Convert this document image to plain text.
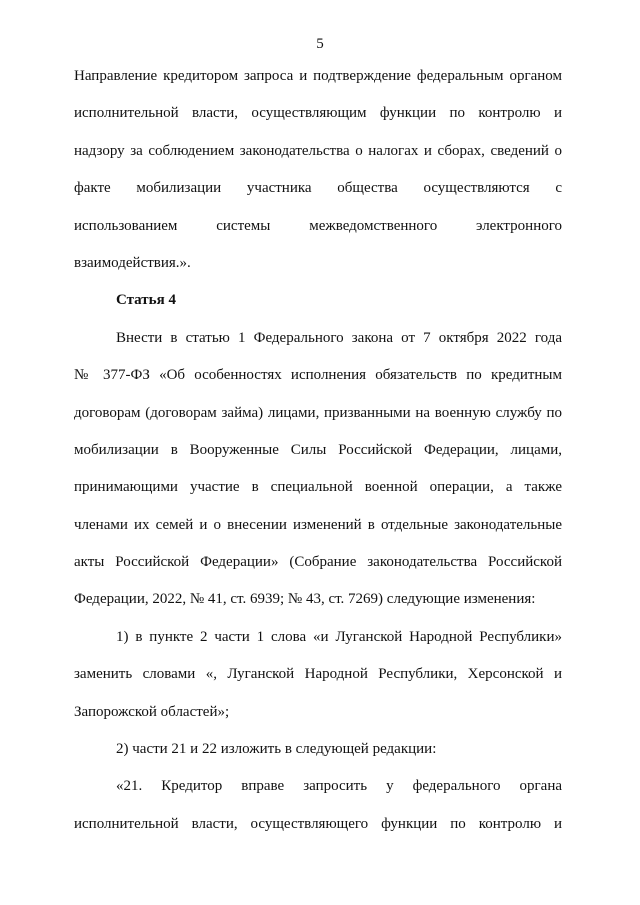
5
Направление кредитором запроса и подтверждение федеральным органом
исполнительной власти, осуществляющим функции по контролю и
надзору за соблюдением законодательства о налогах и сборах, сведений о
факте мобилизации участника общества осуществляются с
использованием системы межведомственного электронного
взаимодействия.».
Статья 4
Внести в статью 1 Федерального закона от 7 октября 2022 года
№ 377-ФЗ «Об особенностях исполнения обязательств по кредитным
договорам (договорам займа) лицами, призванными на военную службу по
мобилизации в Вооруженные Силы Российской Федерации, лицами,
принимающими участие в специальной военной операции, а также
членами их семей и о внесении изменений в отдельные законодательные
акты Российской Федерации» (Собрание законодательства Российской
Федерации, 2022, № 41, ст. 6939; № 43, ст. 7269) следующие изменения:
1) в пункте 2 части 1 слова «и Луганской Народной Республики»
заменить словами «, Луганской Народной Республики, Херсонской и
Запорожской областей»;
2) части 21 и 22 изложить в следующей редакции:
«21. Кредитор вправе запросить у федерального органа
исполнительной власти, осуществляющего функции по контролю и
